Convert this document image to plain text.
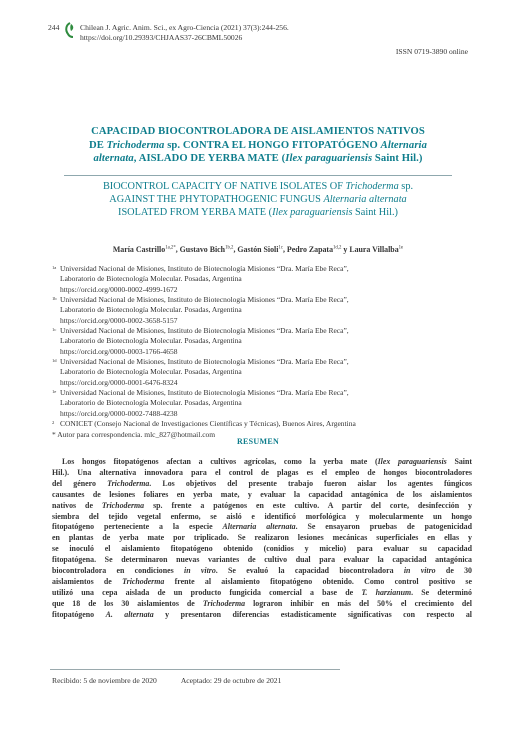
244	Chilean J. Agric. Anim. Sci., ex Agro-Ciencia (2021) 37(3):244-256.
https://doi.org/10.29393/CHJAAS37-26CBML50026
ISSN 0719-3890 online
CAPACIDAD BIOCONTROLADORA DE AISLAMIENTOS NATIVOS
DE Trichoderma sp. CONTRA EL HONGO FITOPATÓGENO Alternaria
alternata, AISLADO DE YERBA MATE (Ilex paraguariensis Saint Hil.)
BIOCONTROL CAPACITY OF NATIVE ISOLATES OF Trichoderma sp.
AGAINST THE PHYTOPATHOGENIC FUNGUS Alternaria alternata
ISOLATED FROM YERBA MATE (Ilex paraguariensis Saint Hil.)
María Castrillo$^{1a,2*}$, Gustavo Bich$^{1b,2}$, Gastón Sioli$^{1c}$, Pedro Zapata$^{1d,2}$ y Laura Villalba$^{1e}$
1a Universidad Nacional de Misiones, Instituto de Biotecnología Misiones “Dra. María Ebe Reca”,
Laboratorio de Biotecnología Molecular. Posadas, Argentina
https://orcid.org/0000-0002-4999-1672
1b Universidad Nacional de Misiones, Instituto de Biotecnología Misiones “Dra. María Ebe Reca”,
Laboratorio de Biotecnología Molecular. Posadas, Argentina
https://orcid.org/0000-0002-3658-5157
1c Universidad Nacional de Misiones, Instituto de Biotecnología Misiones “Dra. María Ebe Reca”,
Laboratorio de Biotecnología Molecular. Posadas, Argentina
https://orcid.org/0000-0003-1766-4658
1d Universidad Nacional de Misiones, Instituto de Biotecnología Misiones “Dra. María Ebe Reca”,
Laboratorio de Biotecnología Molecular. Posadas, Argentina
https://orcid.org/0000-0001-6476-8324
1e Universidad Nacional de Misiones, Instituto de Biotecnología Misiones “Dra. María Ebe Reca”,
Laboratorio de Biotecnología Molecular. Posadas, Argentina
https://orcid.org/0000-0002-7488-4238
2 CONICET (Consejo Nacional de Investigaciones Científicas y Técnicas), Buenos Aires, Argentina
* Autor para correspondencia. mlc_827@hotmail.com
RESUMEN
Los hongos fitopatógenos afectan a cultivos agrícolas, como la yerba mate (Ilex paraguariensis Saint
Hil.). Una alternativa innovadora para el control de plagas es el empleo de hongos biocontroladores
del género Trichoderma. Los objetivos del presente trabajo fueron aislar los agentes fúngicos
causantes de lesiones foliares en yerba mate, y evaluar la capacidad antagónica de los aislamientos
nativos de Trichoderma sp. frente a patógenos en este cultivo. A partir del corte, desinfección y
siembra del tejido vegetal enfermo, se aisló e identificó morfológica y molecularmente un hongo
fitopatógeno perteneciente a la especie Alternaria alternata. Se ensayaron pruebas de patogenicidad
en plantas de yerba mate por triplicado. Se realizaron lesiones mecánicas superficiales en ellas y
se inoculó el aislamiento fitopatógeno obtenido (conidios y micelio) para evaluar su capacidad
fitopatógena. Se determinaron nuevas variantes de cultivo dual para evaluar la capacidad antagónica
biocontroladora en condiciones in vitro. Se evaluó la capacidad biocontroladora in vitro de 30
aislamientos de Trichoderma frente al aislamiento fitopatógeno obtenido. Como control positivo se
utilizó una cepa aislada de un producto fungicida comercial a base de T. harzianum. Se determinó
que 18 de los 30 aislamientos de Trichoderma lograron inhibir en más del 50% el crecimiento del
fitopatógeno A. alternata y presentaron diferencias estadísticamente significativas con respecto al
Recibido: 5 de noviembre de 2020	Aceptado: 29 de octubre de 2021
